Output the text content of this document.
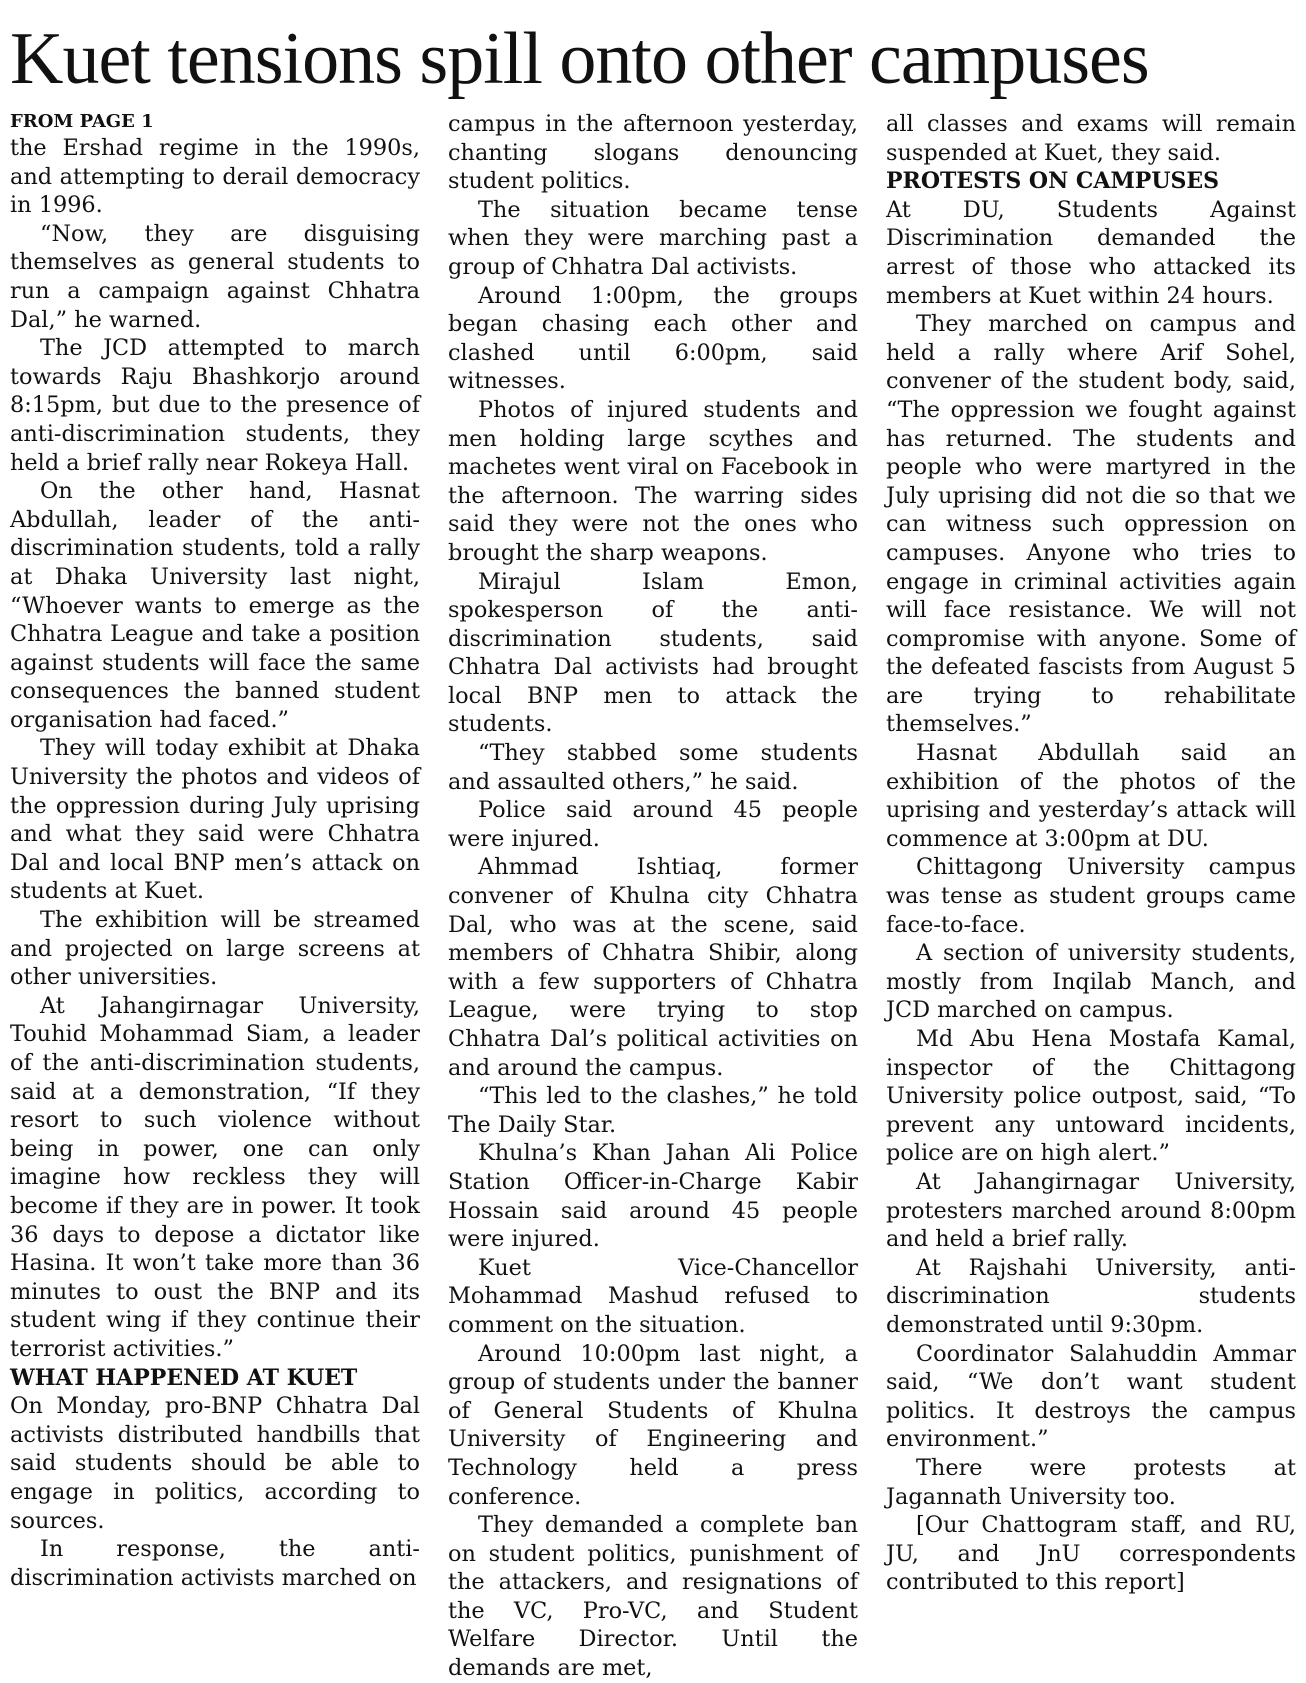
Kuet tensions spill onto other campuses
FROM PAGE 1

the Ershad regime in the 1990s, and attempting to derail democracy in 1996.

“Now, they are disguising themselves as general students to run a campaign against Chhatra Dal,” he warned.

The JCD attempted to march towards Raju Bhashkorjo around 8:15pm, but due to the presence of anti-discrimination students, they held a brief rally near Rokeya Hall.

On the other hand, Hasnat Abdullah, leader of the anti-discrimination students, told a rally at Dhaka University last night, “Whoever wants to emerge as the Chhatra League and take a position against students will face the same consequences the banned student organisation had faced.”

They will today exhibit at Dhaka University the photos and videos of the oppression during July uprising and what they said were Chhatra Dal and local BNP men’s attack on students at Kuet.

The exhibition will be streamed and projected on large screens at other universities.

At Jahangirnagar University, Touhid Mohammad Siam, a leader of the anti-discrimination students, said at a demonstration, “If they resort to such violence without being in power, one can only imagine how reckless they will become if they are in power. It took 36 days to depose a dictator like Hasina. It won’t take more than 36 minutes to oust the BNP and its student wing if they continue their terrorist activities.”

WHAT HAPPENED AT KUET

On Monday, pro-BNP Chhatra Dal activists distributed handbills that said students should be able to engage in politics, according to sources.

In response, the anti-discrimination activists marched on

campus in the afternoon yesterday, chanting slogans denouncing student politics.

The situation became tense when they were marching past a group of Chhatra Dal activists.

Around 1:00pm, the groups began chasing each other and clashed until 6:00pm, said witnesses.

Photos of injured students and men holding large scythes and machetes went viral on Facebook in the afternoon. The warring sides said they were not the ones who brought the sharp weapons.

Mirajul Islam Emon, spokesperson of the anti-discrimination students, said Chhatra Dal activists had brought local BNP men to attack the students.

“They stabbed some students and assaulted others,” he said.

Police said around 45 people were injured.

Ahmmad Ishtiaq, former convener of Khulna city Chhatra Dal, who was at the scene, said members of Chhatra Shibir, along with a few supporters of Chhatra League, were trying to stop Chhatra Dal’s political activities on and around the campus.

“This led to the clashes,” he told The Daily Star.

Khulna’s Khan Jahan Ali Police Station Officer-in-Charge Kabir Hossain said around 45 people were injured.

Kuet Vice-Chancellor Mohammad Mashud refused to comment on the situation.

Around 10:00pm last night, a group of students under the banner of General Students of Khulna University of Engineering and Technology held a press conference.

They demanded a complete ban on student politics, punishment of the attackers, and resignations of the VC, Pro-VC, and Student Welfare Director. Until the demands are met,

all classes and exams will remain suspended at Kuet, they said.

PROTESTS ON CAMPUSES

At DU, Students Against Discrimination demanded the arrest of those who attacked its members at Kuet within 24 hours.

They marched on campus and held a rally where Arif Sohel, convener of the student body, said, “The oppression we fought against has returned. The students and people who were martyred in the July uprising did not die so that we can witness such oppression on campuses. Anyone who tries to engage in criminal activities again will face resistance. We will not compromise with anyone. Some of the defeated fascists from August 5 are trying to rehabilitate themselves.”

Hasnat Abdullah said an exhibition of the photos of the uprising and yesterday’s attack will commence at 3:00pm at DU.

Chittagong University campus was tense as student groups came face-to-face.

A section of university students, mostly from Inqilab Manch, and JCD marched on campus.

Md Abu Hena Mostafa Kamal, inspector of the Chittagong University police outpost, said, “To prevent any untoward incidents, police are on high alert.”

At Jahangirnagar University, protesters marched around 8:00pm and held a brief rally.

At Rajshahi University, anti-discrimination students demonstrated until 9:30pm.

Coordinator Salahuddin Ammar said, “We don’t want student politics. It destroys the campus environment.”

There were protests at Jagannath University too.

[Our Chattogram staff, and RU, JU, and JnU correspondents contributed to this report]
